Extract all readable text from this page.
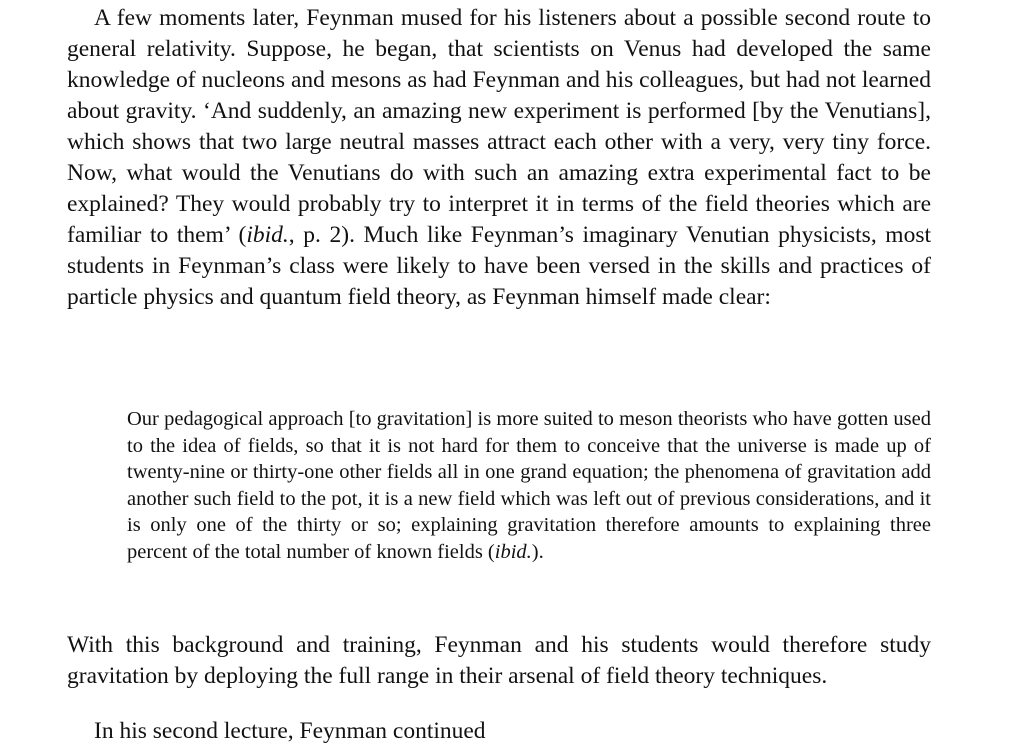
A few moments later, Feynman mused for his listeners about a possible second route to general relativity. Suppose, he began, that scientists on Venus had developed the same knowledge of nucleons and mesons as had Feynman and his colleagues, but had not learned about gravity. ‘And suddenly, an amazing new experiment is performed [by the Venutians], which shows that two large neutral masses attract each other with a very, very tiny force. Now, what would the Venutians do with such an amazing extra experimental fact to be explained? They would probably try to interpret it in terms of the field theories which are familiar to them’ (ibid., p. 2). Much like Feynman’s imaginary Venutian physicists, most students in Feynman’s class were likely to have been versed in the skills and practices of particle physics and quantum field theory, as Feynman himself made clear:

Our pedagogical approach [to gravitation] is more suited to meson theorists who have gotten used to the idea of fields, so that it is not hard for them to conceive that the universe is made up of twenty-nine or thirty-one other fields all in one grand equation; the phenomena of gravitation add another such field to the pot, it is a new field which was left out of previous considerations, and it is only one of the thirty or so; explaining gravitation therefore amounts to explaining three percent of the total number of known fields (ibid.).

With this background and training, Feynman and his students would therefore study gravitation by deploying the full range in their arsenal of field theory techniques.

In his second lecture, Feynman continued
